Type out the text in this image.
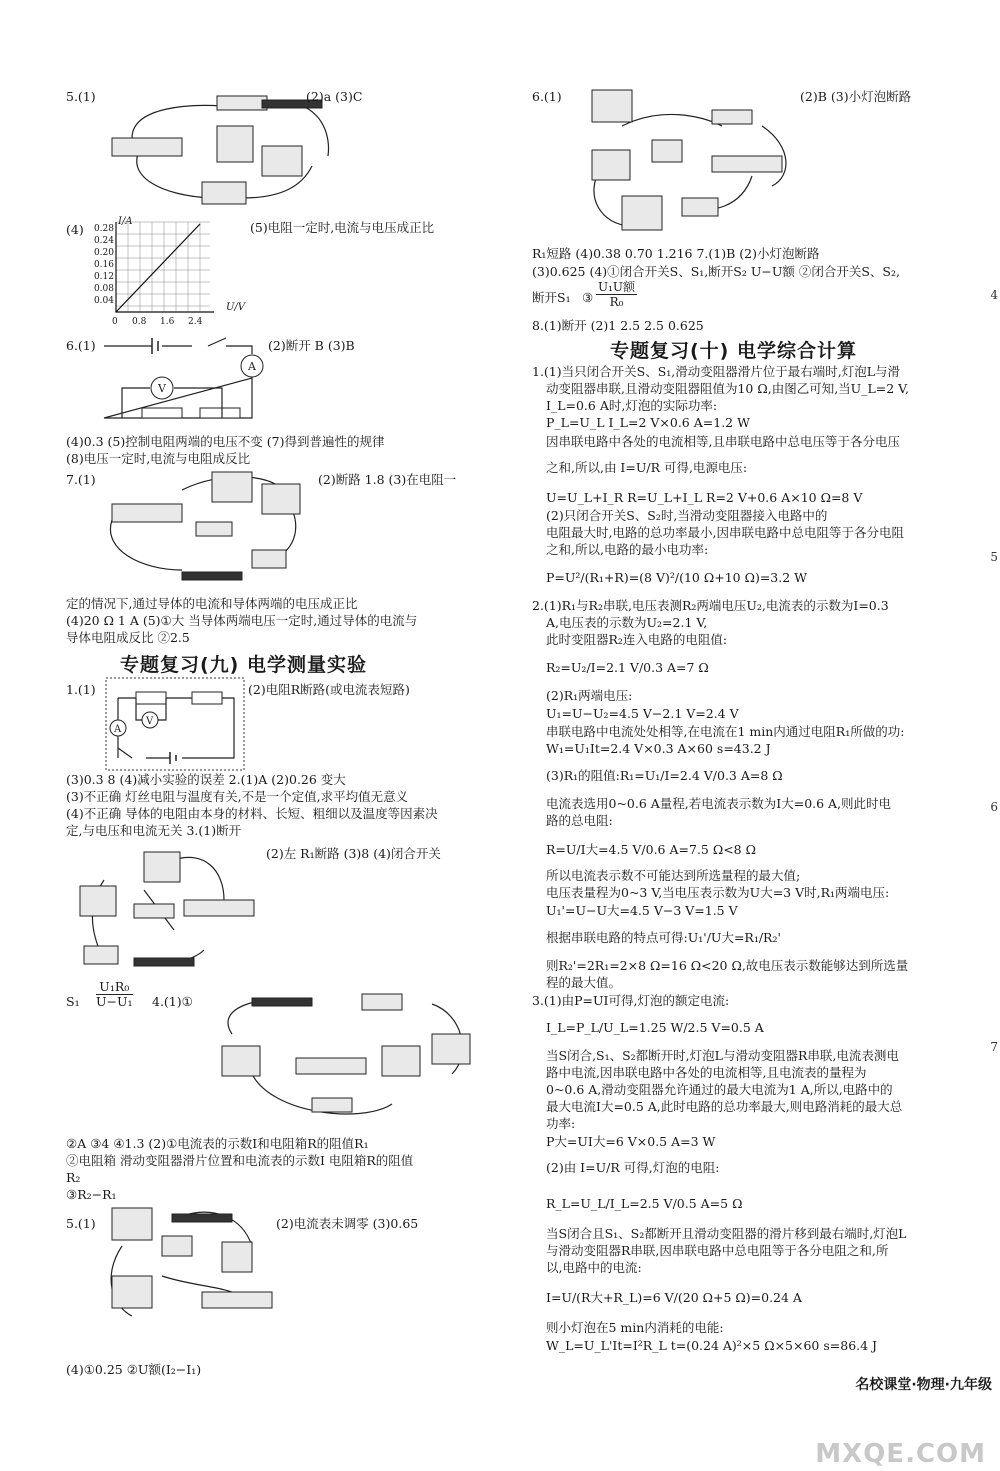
5.(1)	(2)a (3)C
(4)
I/A
U/V
0.28
0.24
0.20
0.16
0.12
0.08
0.04
0 0.8 1.6 2.4
(5)电阻一定时,电流与电压成正比
6.(1)
A
V
(2)断开 B (3)B
(4)0.3 (5)控制电阻两端的电压不变 (7)得到普遍性的规律
(8)电压一定时,电流与电阻成反比
7.(1)	(2)断路 1.8 (3)在电阻一
定的情况下,通过导体的电流和导体两端的电压成正比
(4)20 Ω 1 A (5)①大 当导体两端电压一定时,通过导体的电流与
导体电阻成反比 ②2.5
专题复习(九) 电学测量实验
1.(1)
A
V
(2)电阻R断路(或电流表短路)
(3)0.3 8 (4)减小实验的误差 2.(1)A (2)0.26 变大
(3)不正确 灯丝电阻与温度有关,不是一个定值,求平均值无意义
(4)不正确 导体的电阻由本身的材料、长短、粗细以及温度等因素决
定,与电压和电流无关 3.(1)断开
(2)左 R₁断路 (3)8 (4)闭合开关
$S_1 \frac{\text{U₁R₀}}{\text{U−U₁}}$ 4.(1)①
②A ③4 ④1.3 (2)①电流表的示数I和电阻箱R的阻值R₁
②电阻箱 滑动变阻器滑片位置和电流表的示数I 电阻箱R的阻值
R₂
③R₂−R₁
5.(1)	(2)电流表未调零 (3)0.65
(4)①0.25 ②U额(I₂−I₁)
6.(1)	(2)B (3)小灯泡断路
R₁短路 (4)0.38 0.70 1.216 7.(1)B (2)小灯泡断路
(3)0.625 (4)①闭合开关S、S₁,断开S₂ U−U额 ②闭合开关S、S₂,
断开S₁ ③
U₁U额
R₀
8.(1)断开 (2)1 2.5 2.5 0.625
专题复习(十) 电学综合计算
1.(1)当只闭合开关S、S₁,滑动变阻器滑片位于最右端时,灯泡L与滑
动变阻器串联,且滑动变阻器阻值为10 Ω,由图乙可知,当U_L=2 V,
I_L=0.6 A时,灯泡的实际功率:
P_L=U_L I_L=2 V×0.6 A=1.2 W
因串联电路中各处的电流相等,且串联电路中总电压等于各分电压
之和,所以,由 I=U/R 可得,电源电压:
U=U_L+I_R R=U_L+I_L R=2 V+0.6 A×10 Ω=8 V
(2)只闭合开关S、S₂时,当滑动变阻器接入电路中的
电阻最大时,电路的总功率最小,因串联电路中总电阻等于各分电阻
之和,所以,电路的最小电功率:
P=U²/(R₁+R)=(8 V)²/(10 Ω+10 Ω)=3.2 W
2.(1)R₁与R₂串联,电压表测R₂两端电压U₂,电流表的示数为I=0.3
A,电压表的示数为U₂=2.1 V,
此时变阻器R₂连入电路的电阻值:
R₂=U₂/I=2.1 V/0.3 A=7 Ω
(2)R₁两端电压:
U₁=U−U₂=4.5 V−2.1 V=2.4 V
串联电路中电流处处相等,在电流在1 min内通过电阻R₁所做的功:
W₁=U₁It=2.4 V×0.3 A×60 s=43.2 J
(3)R₁的阻值:R₁=U₁/I=2.4 V/0.3 A=8 Ω
电流表选用0~0.6 A量程,若电流表示数为I大=0.6 A,则此时电
路的总电阻:
R=U/I大=4.5 V/0.6 A=7.5 Ω<8 Ω
所以电流表示数不可能达到所选量程的最大值;
电压表量程为0~3 V,当电压表示数为U大=3 V时,R₁两端电压:
U₁'=U−U大=4.5 V−3 V=1.5 V
根据串联电路的特点可得:U₁'/U大=R₁/R₂'
则R₂'=2R₁=2×8 Ω=16 Ω<20 Ω,故电压表示数能够达到所选量
程的最大值。
3.(1)由P=UI可得,灯泡的额定电流:
I_L=P_L/U_L=1.25 W/2.5 V=0.5 A
当S闭合,S₁、S₂都断开时,灯泡L与滑动变阻器R串联,电流表测电
路中电流,因串联电路中各处的电流相等,且电流表的量程为
0~0.6 A,滑动变阻器允许通过的最大电流为1 A,所以,电路中的
最大电流I大=0.5 A,此时电路的总功率最大,则电路消耗的最大总
功率:
P大=UI大=6 V×0.5 A=3 W
(2)由 I=U/R 可得,灯泡的电阻:
R_L=U_L/I_L=2.5 V/0.5 A=5 Ω
当S闭合且S₁、S₂都断开且滑动变阻器的滑片移到最右端时,灯泡L
与滑动变阻器R串联,因串联电路中总电阻等于各分电阻之和,所
以,电路中的电流:
I=U/(R大+R_L)=6 V/(20 Ω+5 Ω)=0.24 A
则小灯泡在5 min内消耗的电能:
W_L=U_L'It=I²R_L t=(0.24 A)²×5 Ω×5×60 s=86.4 J
4
5
6
7
名校课堂·物理·九年级
MXQE.COM
